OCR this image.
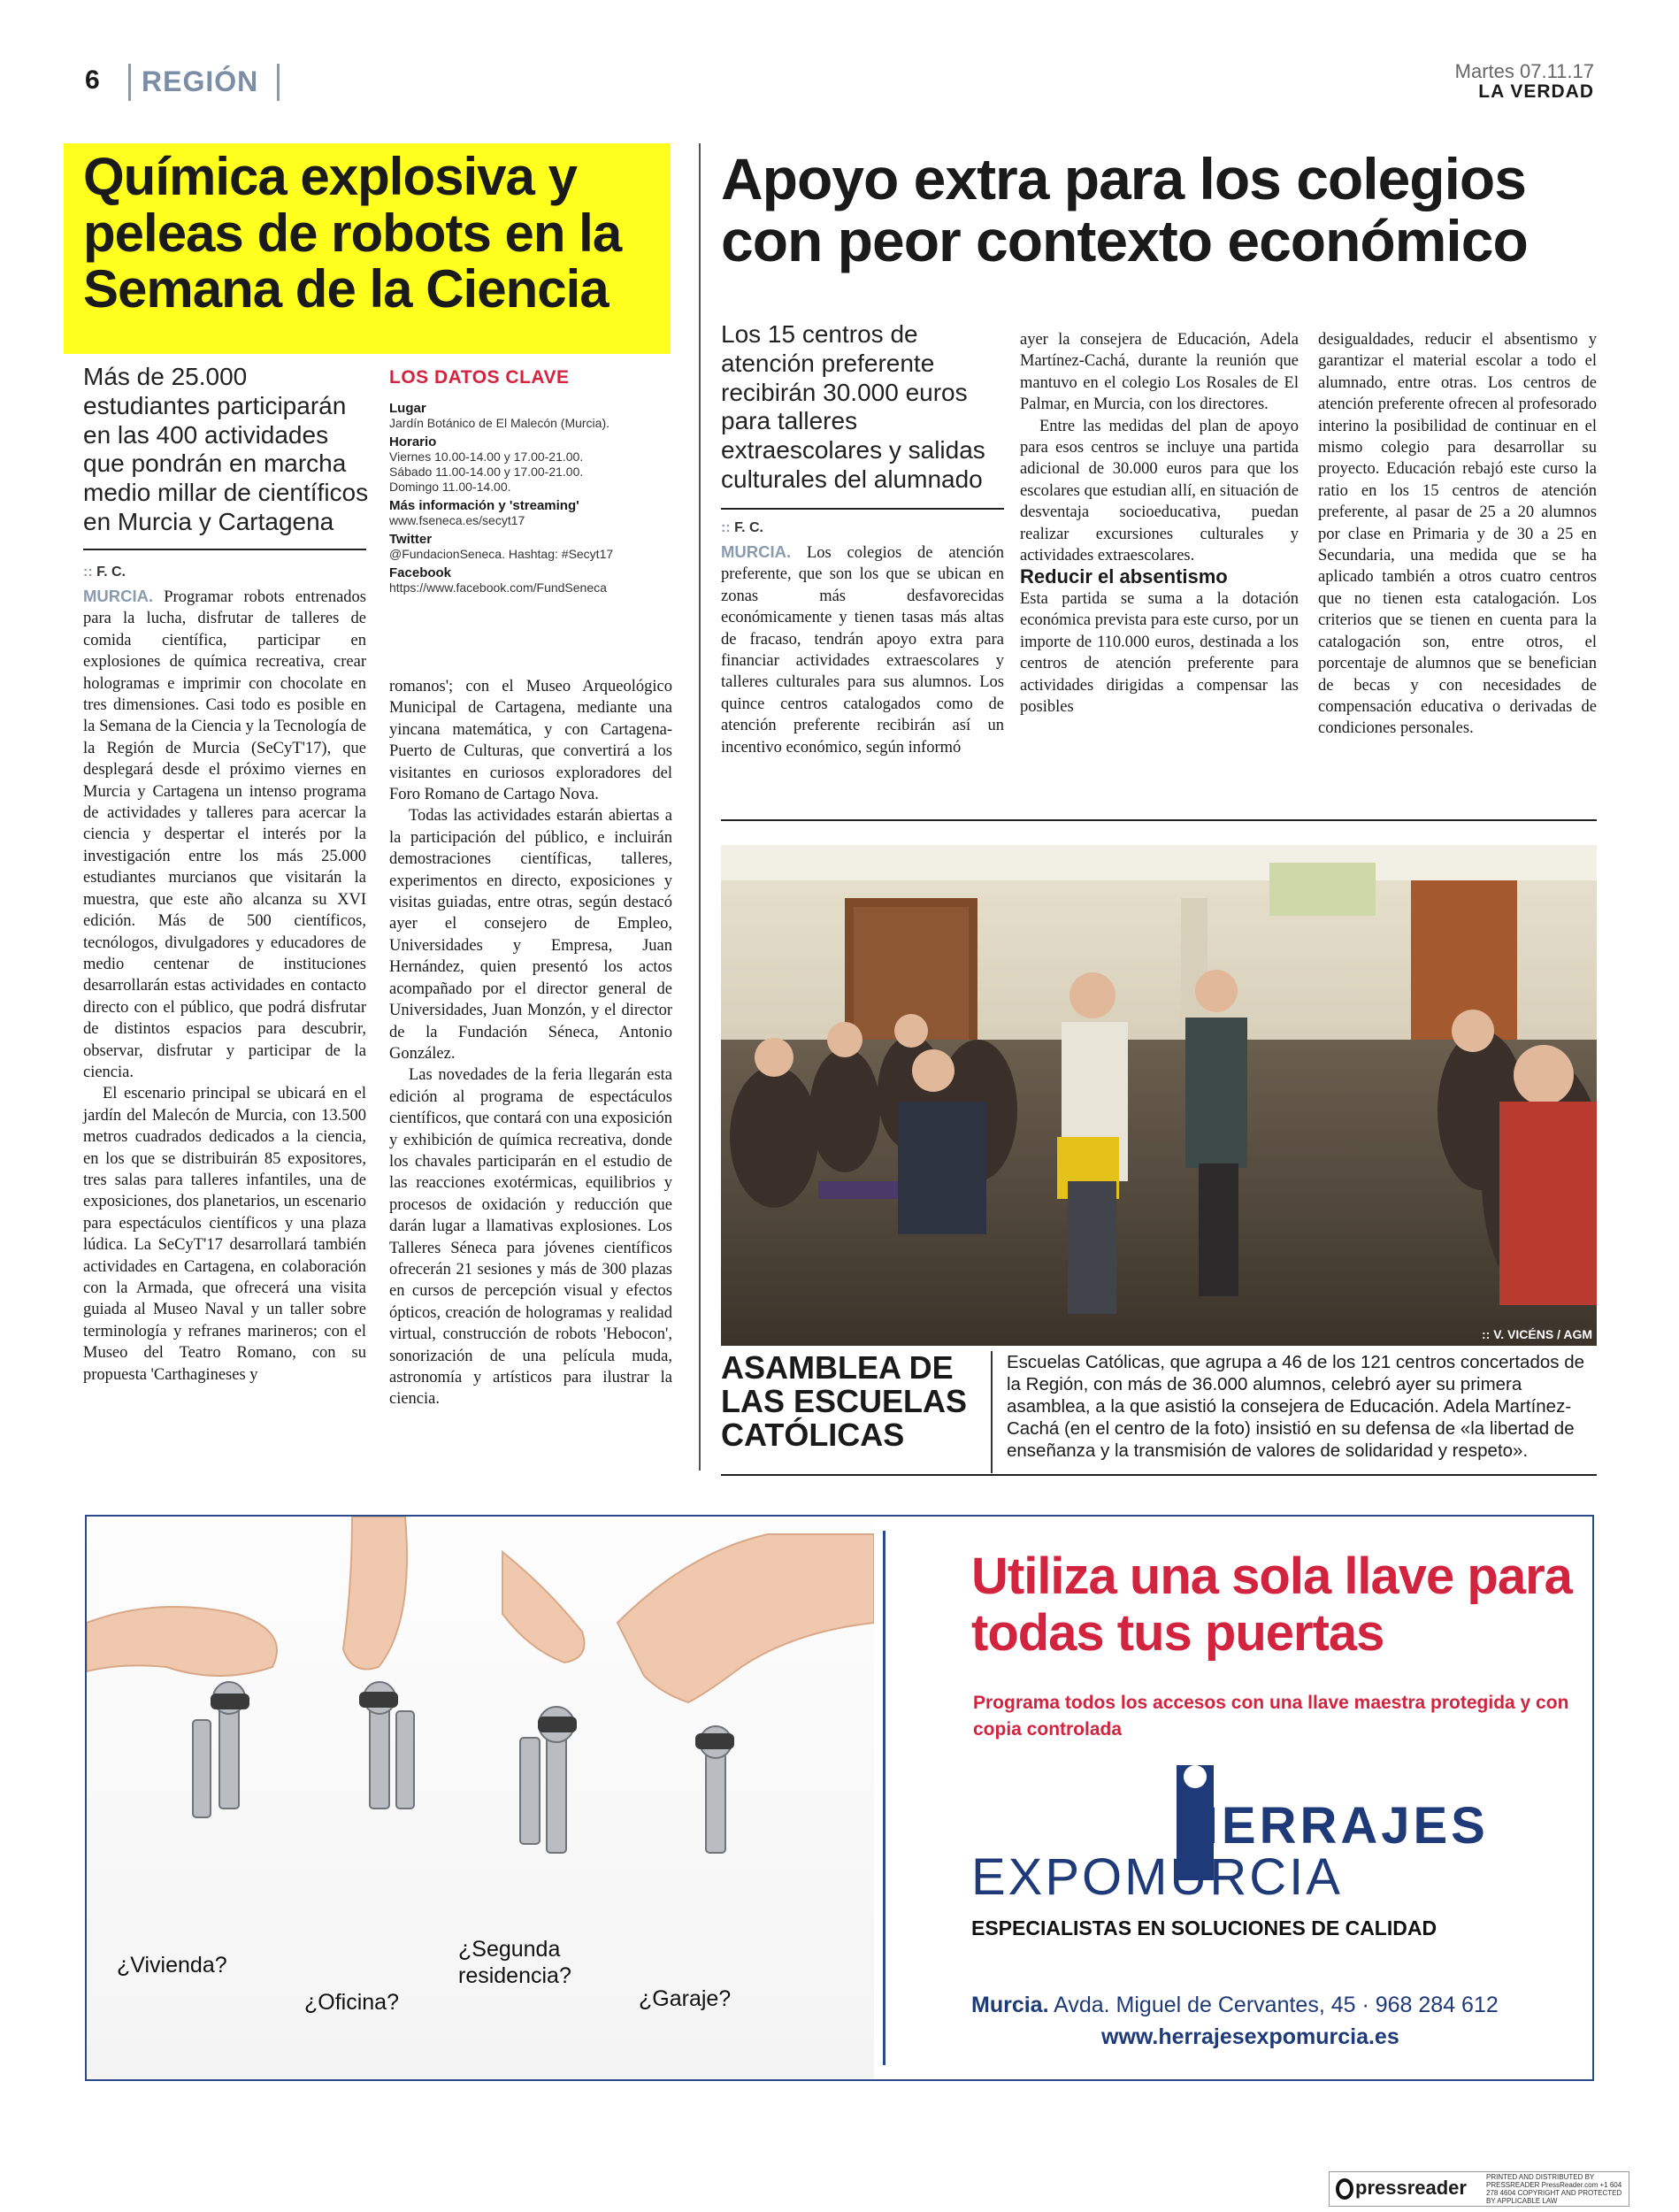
6 REGIÓN	Martes 07.11.17
LA VERDAD
Química explosiva y peleas de robots en la Semana de la Ciencia
Más de 25.000 estudiantes participarán en las 400 actividades que pondrán en marcha medio millar de científicos en Murcia y Cartagena
:: F. C.

MURCIA. Programar robots entrenados para la lucha, disfrutar de talleres de comida científica, participar en explosiones de química recreativa, crear hologramas e imprimir con chocolate en tres dimensiones. Casi todo es posible en la Semana de la Ciencia y la Tecnología de la Región de Murcia (SeCyT'17), que desplegará desde el próximo viernes en Murcia y Cartagena un intenso programa de actividades y talleres para acercar la ciencia y despertar el interés por la investigación entre los más 25.000 estudiantes murcianos que visitarán la muestra, que este año alcanza su XVI edición. Más de 500 científicos, tecnólogos, divulgadores y educadores de medio centenar de instituciones desarrollarán estas actividades en contacto directo con el público, que podrá disfrutar de distintos espacios para descubrir, observar, disfrutar y participar de la ciencia.

El escenario principal se ubicará en el jardín del Malecón de Murcia, con 13.500 metros cuadrados dedicados a la ciencia, en los que se distribuirán 85 expositores, tres salas para talleres infantiles, una de exposiciones, dos planetarios, un escenario para espectáculos científicos y una plaza lúdica. La SeCyT'17 desarrollará también actividades en Cartagena, en colaboración con la Armada, que ofrecerá una visita guiada al Museo Naval y un taller sobre terminología y refranes marineros; con el Museo del Teatro Romano, con su propuesta 'Carthagineses y

LOS DATOS CLAVE
Lugar
Jardín Botánico de El Malecón (Murcia).
Horario
Viernes 10.00-14.00 y 17.00-21.00.
Sábado 11.00-14.00 y 17.00-21.00.
Domingo 11.00-14.00.
Más información y 'streaming'
www.fseneca.es/secyt17
Twitter
@FundacionSeneca. Hashtag: #Secyt17
Facebook
https://www.facebook.com/FundSeneca

romanos'; con el Museo Arqueológico Municipal de Cartagena, mediante una yincana matemática, y con Cartagena-Puerto de Culturas, que convertirá a los visitantes en curiosos exploradores del Foro Romano de Cartago Nova.

Todas las actividades estarán abiertas a la participación del público, e incluirán demostraciones científicas, talleres, experimentos en directo, exposiciones y visitas guiadas, entre otras, según destacó ayer el consejero de Empleo, Universidades y Empresa, Juan Hernández, quien presentó los actos acompañado por el director general de Universidades, Juan Monzón, y el director de la Fundación Séneca, Antonio González.

Las novedades de la feria llegarán esta edición al programa de espectáculos científicos, que contará con una exposición y exhibición de química recreativa, donde los chavales participarán en el estudio de las reacciones exotérmicas, equilibrios y procesos de oxidación y reducción que darán lugar a llamativas explosiones. Los Talleres Séneca para jóvenes científicos ofrecerán 21 sesiones y más de 300 plazas en cursos de percepción visual y efectos ópticos, creación de hologramas y realidad virtual, construcción de robots 'Hebocon', sonorización de una película muda, astronomía y artísticos para ilustrar la ciencia.

Apoyo extra para los colegios con peor contexto económico
Los 15 centros de atención preferente recibirán 30.000 euros para talleres extraescolares y salidas culturales del alumnado
:: F. C.

MURCIA. Los colegios de atención preferente, que son los que se ubican en zonas más desfavorecidas económicamente y tienen tasas más altas de fracaso, tendrán apoyo extra para financiar actividades extraescolares y talleres culturales para sus alumnos. Los quince centros catalogados como de atención preferente recibirán así un incentivo económico, según informó

ayer la consejera de Educación, Adela Martínez-Cachá, durante la reunión que mantuvo en el colegio Los Rosales de El Palmar, en Murcia, con los directores.

Entre las medidas del plan de apoyo para esos centros se incluye una partida adicional de 30.000 euros para que los escolares que estudian allí, en situación de desventaja socioeducativa, puedan realizar excursiones culturales y actividades extraescolares.

Reducir el absentismo

Esta partida se suma a la dotación económica prevista para este curso, por un importe de 110.000 euros, destinada a los centros de atención preferente para actividades dirigidas a compensar las posibles

desigualdades, reducir el absentismo y garantizar el material escolar a todo el alumnado, entre otras. Los centros de atención preferente ofrecen al profesorado interino la posibilidad de continuar en el mismo colegio para desarrollar su proyecto. Educación rebajó este curso la ratio en los 15 centros de atención preferente, al pasar de 25 a 20 alumnos por clase en Primaria y de 30 a 25 en Secundaria, una medida que se ha aplicado también a otros cuatro centros que no tienen esta catalogación. Los criterios que se tienen en cuenta para la catalogación son, entre otros, el porcentaje de alumnos que se benefician de becas y con necesidades de compensación educativa o derivadas de condiciones personales.

:: V. VICÉNS / AGM
ASAMBLEA DE LAS ESCUELAS CATÓLICAS
Escuelas Católicas, que agrupa a 46 de los 121 centros concertados de la Región, con más de 36.000 alumnos, celebró ayer su primera asamblea, a la que asistió la consejera de Educación. Adela Martínez-Cachá (en el centro de la foto) insistió en su defensa de «la libertad de enseñanza y la transmisión de valores de solidaridad y respeto».
¿Vivienda?
¿Oficina?
¿Segunda residencia?
¿Garaje?
Utiliza una sola llave para todas tus puertas
Programa todos los accesos con una llave maestra protegida y con copia controlada
HERRAJES
EXPOMURCIA
ESPECIALISTAS EN SOLUCIONES DE CALIDAD
Murcia. Avda. Miguel de Cervantes, 45 · 968 284 612
www.herrajesexpomurcia.es
pressreader	PRINTED AND DISTRIBUTED BY PRESSREADER PressReader.com +1 604 278 4604 COPYRIGHT AND PROTECTED BY APPLICABLE LAW
